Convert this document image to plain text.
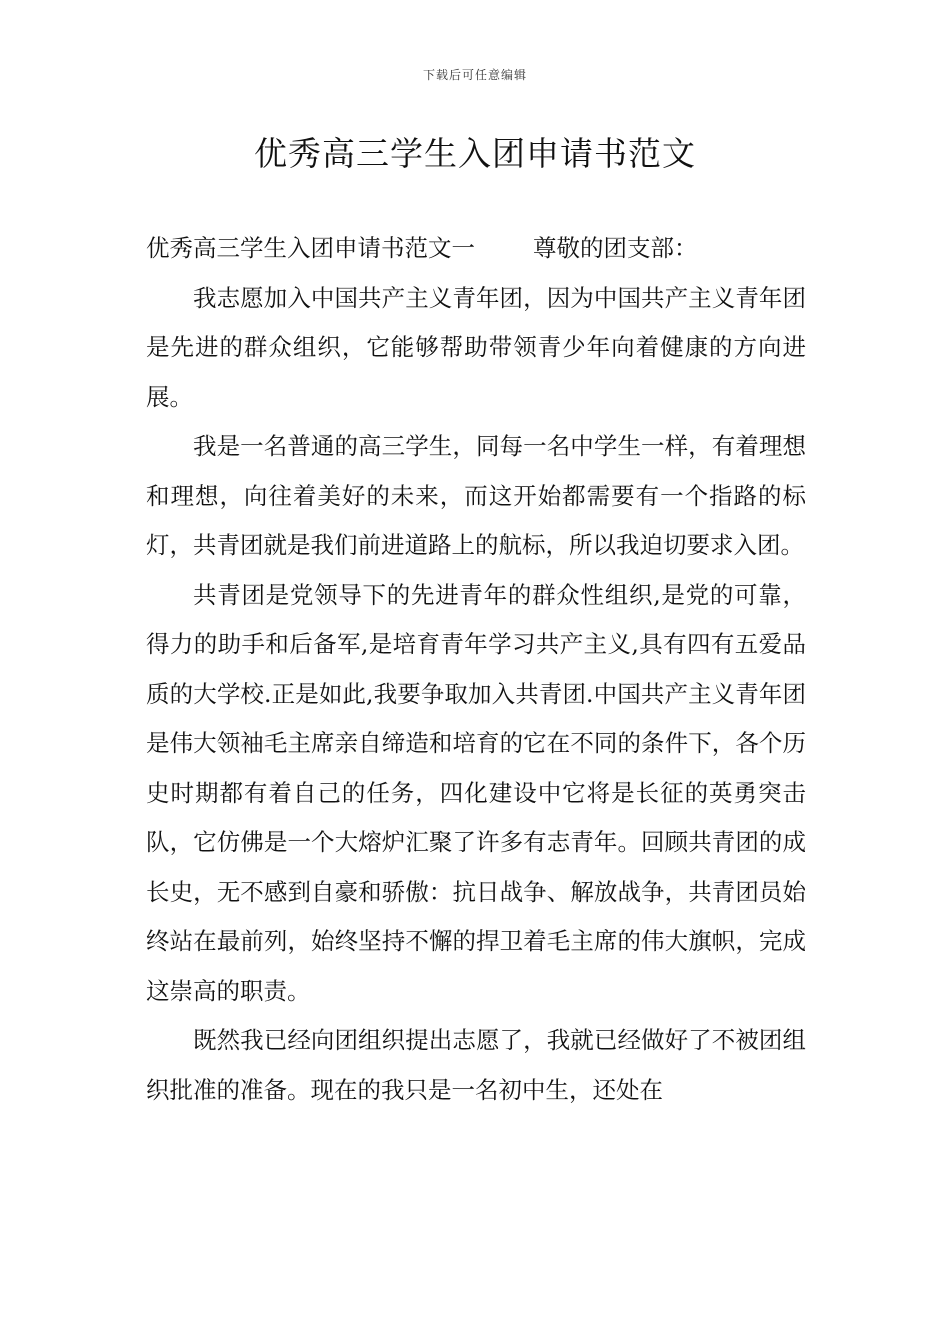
下载后可任意编辑
优秀高三学生入团申请书范文

优秀高三学生入团申请书范文一 尊敬的团支部：

我志愿加入中国共产主义青年团，因为中国共产主义青年团是先进的群众组织，它能够帮助带领青少年向着健康的方向进展。

我是一名普通的高三学生，同每一名中学生一样，有着理想和理想，向往着美好的未来，而这开始都需要有一个指路的标灯，共青团就是我们前进道路上的航标，所以我迫切要求入团。

共青团是党领导下的先进青年的群众性组织,是党的可靠，得力的助手和后备军,是培育青年学习共产主义,具有四有五爱品质的大学校.正是如此,我要争取加入共青团.中国共产主义青年团是伟大领袖毛主席亲自缔造和培育的它在不同的条件下，各个历史时期都有着自己的任务，四化建设中它将是长征的英勇突击队，它仿佛是一个大熔炉汇聚了许多有志青年。回顾共青团的成长史，无不感到自豪和骄傲：抗日战争、解放战争，共青团员始终站在最前列，始终坚持不懈的捍卫着毛主席的伟大旗帜，完成这崇高的职责。

既然我已经向团组织提出志愿了，我就已经做好了不被团组织批准的准备。现在的我只是一名初中生，还处在
